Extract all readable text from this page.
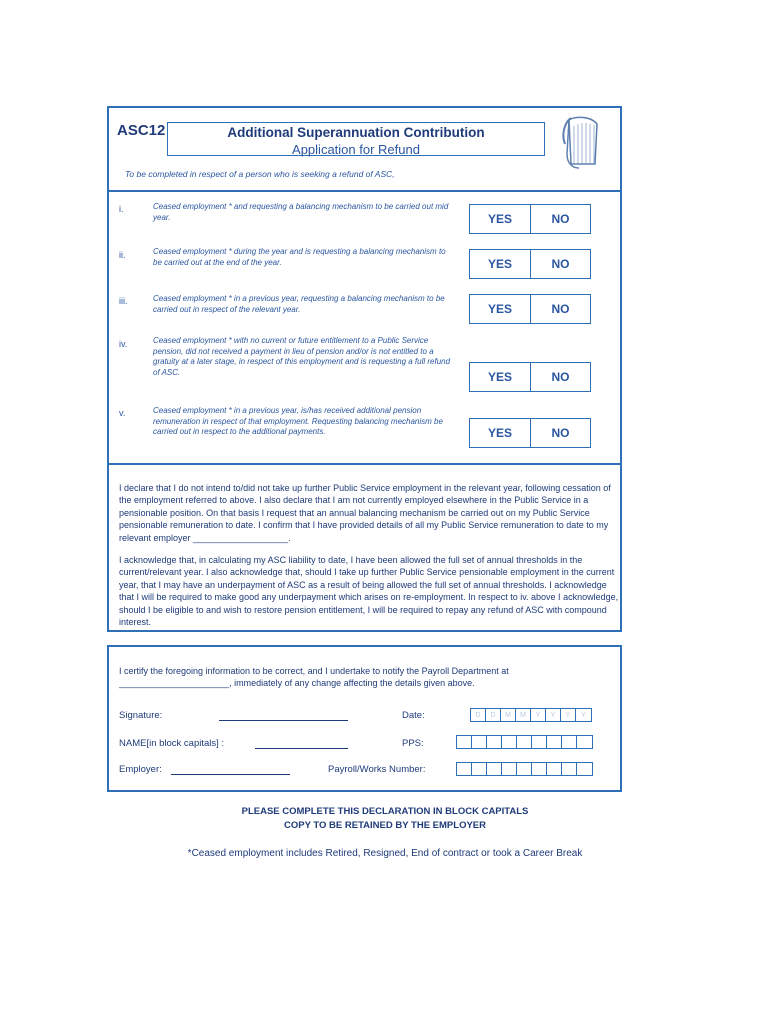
ASC12	Additional Superannuation Contribution
Application for Refund
To be completed in respect of a person who is seeking a refund of ASC,
i.	Ceased employment * and requesting a balancing mechanism to be carried out mid year.	YES	NO
ii.	Ceased employment * during the year and is requesting a balancing mechanism to be carried out at the end of the year.	YES	NO
iii.	Ceased employment * in a previous year, requesting a balancing mechanism to be carried out in respect of the relevant year.	YES	NO
iv.	Ceased employment * with no current or future entitlement to a Public Service pension, did not received a payment in lieu of pension and/or is not entitled to a gratuity at a later stage, in respect of this employment and is requesting a full refund of ASC.	YES	NO
v.	Ceased employment * in a previous year, is/has received additional pension remuneration in respect of that employment. Requesting balancing mechanism be carried out in respect to the additional payments.	YES	NO
I declare that I do not intend to/did not take up further Public Service employment in the relevant year, following cessation of the employment referred to above. I also declare that I am not currently employed elsewhere in the Public Service in a pensionable position. On that basis I request that an annual balancing mechanism be carried out on my Public Service pensionable remuneration to date. I confirm that I have provided details of all my Public Service remuneration to date to my relevant employer ___________________.
I acknowledge that, in calculating my ASC liability to date, I have been allowed the full set of annual thresholds in the current/relevant year. I also acknowledge that, should I take up further Public Service pensionable employment in the current year, that I may have an underpayment of ASC as a result of being allowed the full set of annual thresholds. I acknowledge that I will be required to make good any underpayment which arises on re-employment. In respect to iv. above I acknowledge, should I be eligible to and wish to restore pension entitlement, I will be required to repay any refund of ASC with compound interest.
I certify the foregoing information to be correct, and I undertake to notify the Payroll Department at ______________________, immediately of any change affecting the details given above.
Signature:	Date:	D	D	M	M	Y	Y	Y	Y
NAME[in block capitals] :	PPS:
Employer:	Payroll/Works Number:
PLEASE COMPLETE THIS DECLARATION IN BLOCK CAPITALS
COPY TO BE RETAINED BY THE EMPLOYER
*Ceased employment includes Retired, Resigned, End of contract or took a Career Break
